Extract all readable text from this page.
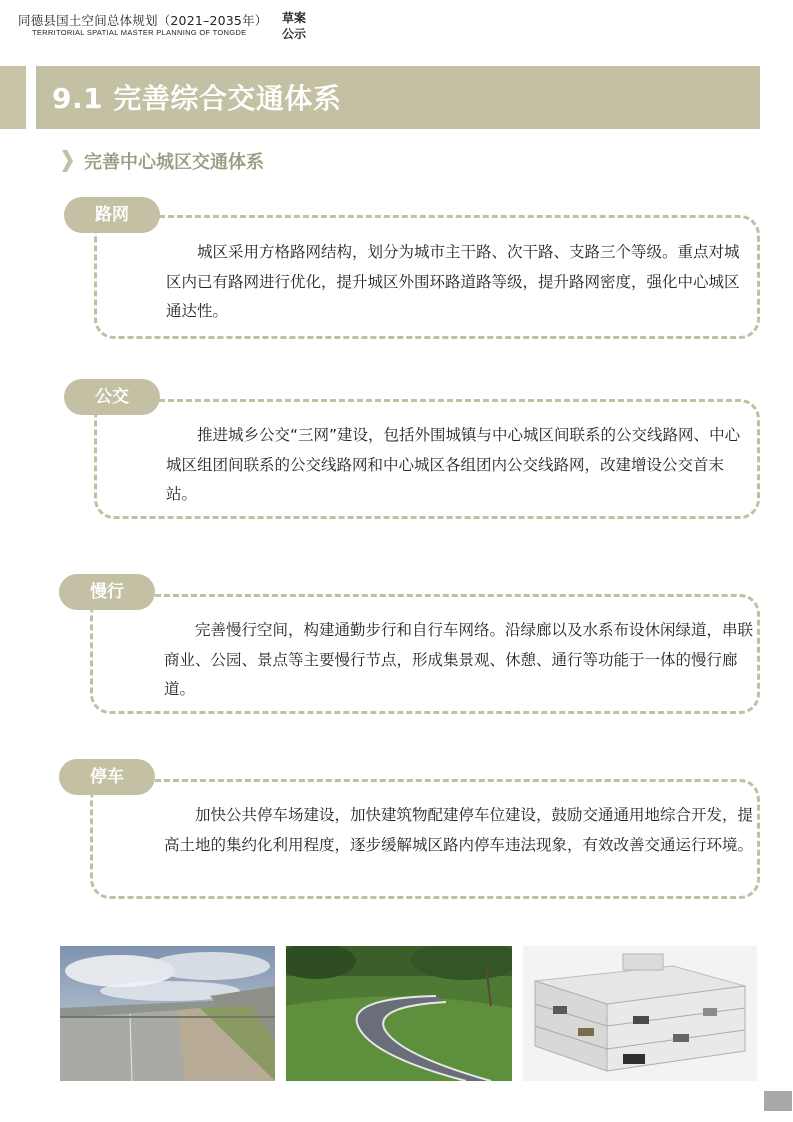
同德县国土空间总体规划（2021–2035年）
TERRITORIAL SPATIAL MASTER PLANNING OF TONGDE
草案
公示
9.1 完善综合交通体系
完善中心城区交通体系
路网
城区采用方格路网结构，划分为城市主干路、次干路、支路三个等级。重点对城区内已有路网进行优化，提升城区外围环路道路等级，提升路网密度，强化中心城区通达性。
公交
推进城乡公交“三网”建设，包括外围城镇与中心城区间联系的公交线路网、中心城区组团间联系的公交线路网和中心城区各组团内公交线路网，改建增设公交首末站。
慢行
完善慢行空间，构建通勤步行和自行车网络。沿绿廊以及水系布设休闲绿道，串联商业、公园、景点等主要慢行节点，形成集景观、休憩、通行等功能于一体的慢行廊道。
停车
加快公共停车场建设，加快建筑物配建停车位建设，鼓励交通通用地综合开发，提高土地的集约化利用程度，逐步缓解城区路内停车违法现象，有效改善交通运行环境。
